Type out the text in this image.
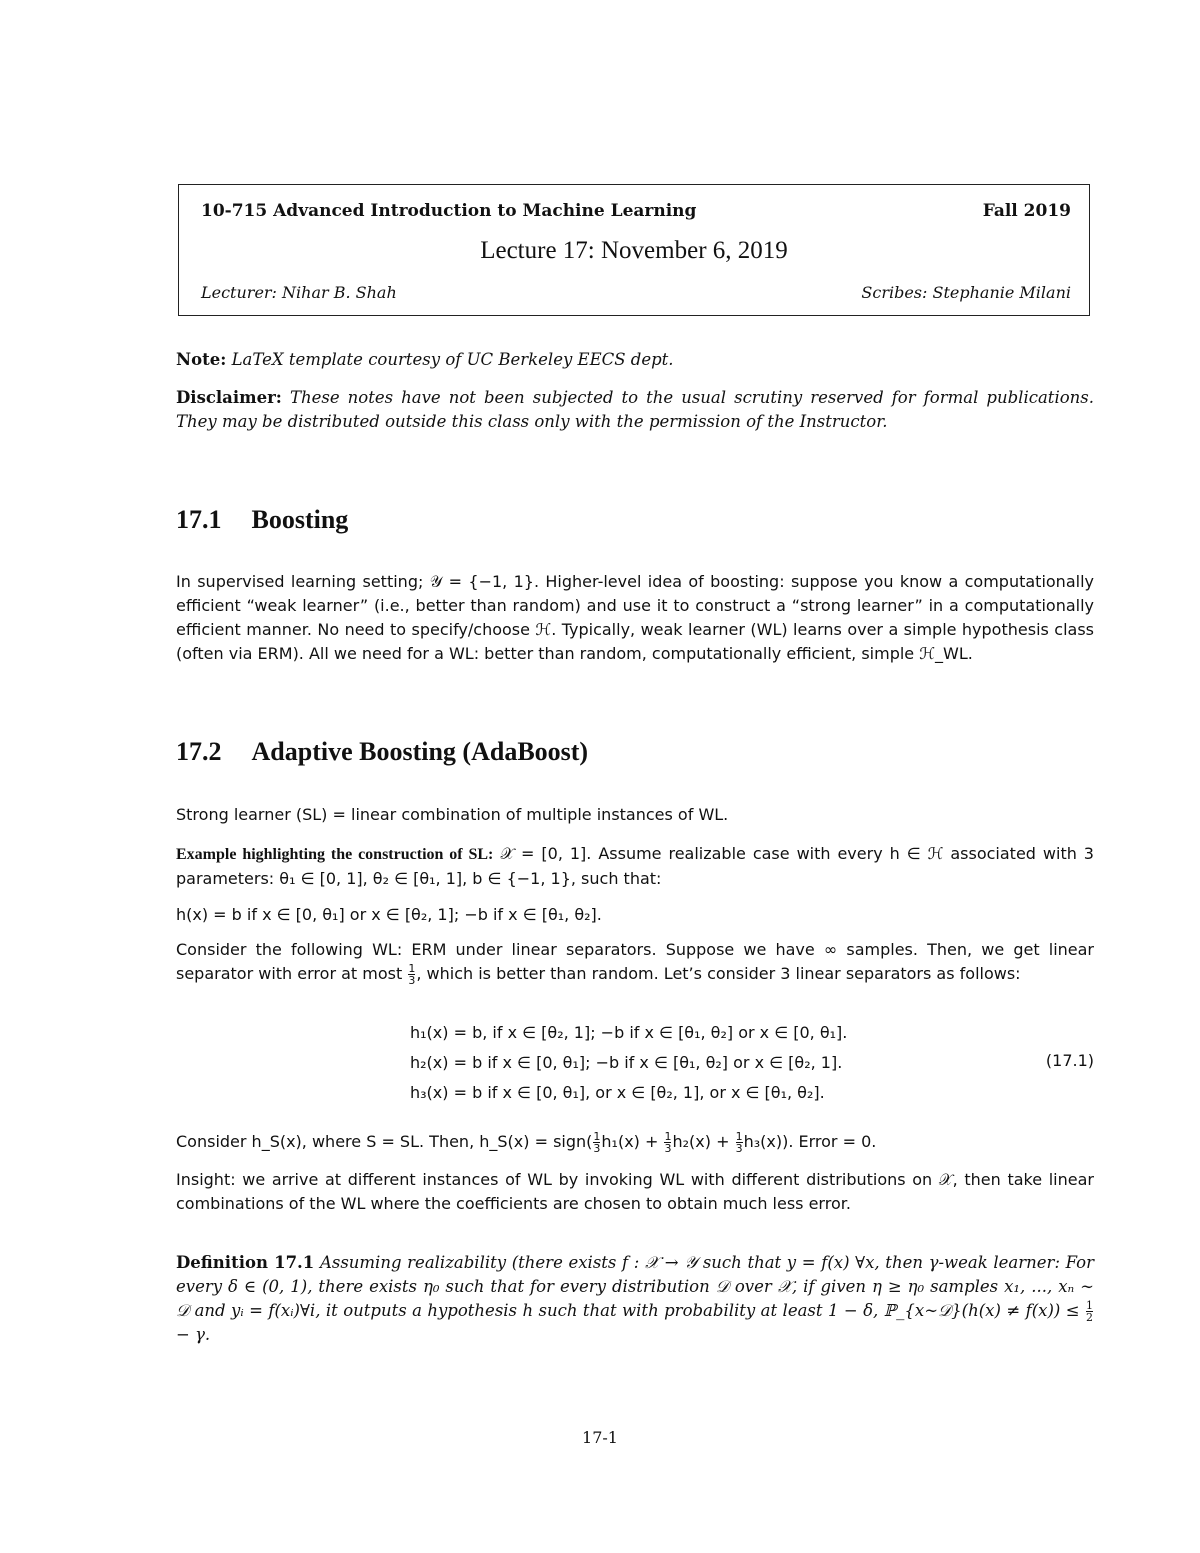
10-715 Advanced Introduction to Machine Learning	Fall 2019
Lecture 17: November 6, 2019
Lecturer: Nihar B. Shah	Scribes: Stephanie Milani
Note: LaTeX template courtesy of UC Berkeley EECS dept.
Disclaimer: These notes have not been subjected to the usual scrutiny reserved for formal publications. They may be distributed outside this class only with the permission of the Instructor.
17.1 Boosting
In supervised learning setting; 𝒴 = {−1, 1}. Higher-level idea of boosting: suppose you know a computationally efficient “weak learner” (i.e., better than random) and use it to construct a “strong learner” in a computationally efficient manner. No need to specify/choose ℋ. Typically, weak learner (WL) learns over a simple hypothesis class (often via ERM). All we need for a WL: better than random, computationally efficient, simple ℋ_WL.
17.2 Adaptive Boosting (AdaBoost)
Strong learner (SL) = linear combination of multiple instances of WL.
Example highlighting the construction of SL: 𝒳 = [0, 1]. Assume realizable case with every h ∈ ℋ associated with 3 parameters: θ₁ ∈ [0, 1], θ₂ ∈ [θ₁, 1], b ∈ {−1, 1}, such that:
h(x) = b if x ∈ [0, θ₁] or x ∈ [θ₂, 1]; −b if x ∈ [θ₁, θ₂].
Consider the following WL: ERM under linear separators. Suppose we have ∞ samples. Then, we get linear separator with error at most $\frac{1}{3}$ , which is better than random. Let’s consider 3 linear separators as follows:
h₁(x) = b, if x ∈ [θ₂, 1]; −b if x ∈ [θ₁, θ₂] or x ∈ [0, θ₁].
h₂(x) = b if x ∈ [0, θ₁]; −b if x ∈ [θ₁, θ₂] or x ∈ [θ₂, 1].
h₃(x) = b if x ∈ [0, θ₁], or x ∈ [θ₂, 1], or x ∈ [θ₁, θ₂].
(17.1)
Consider h_S(x), where S = SL. Then, h_S(x) = sign( $\frac{1}{3} h_1(x) + \frac{1}{3} h_2(x) + \frac{1}{3} h_3(x)$). Error = 0.
Insight: we arrive at different instances of WL by invoking WL with different distributions on 𝒳, then take linear combinations of the WL where the coefficients are chosen to obtain much less error.
Definition 17.1 Assuming realizability (there exists f : 𝒳 → 𝒴 such that y = f(x) ∀x, then γ-weak learner: For every δ ∈ (0, 1), there exists η₀ such that for every distribution 𝒟 over 𝒳, if given η ≥ η₀ samples x₁, ..., xₙ ∼ 𝒟 and yᵢ = f(xᵢ)∀i, it outputs a hypothesis h such that with probability at least 1 − δ, ℙ_{x∼𝒟}(h(x) ≠ $f(x)) \le \frac{1}{2}$
− γ.
17-1
